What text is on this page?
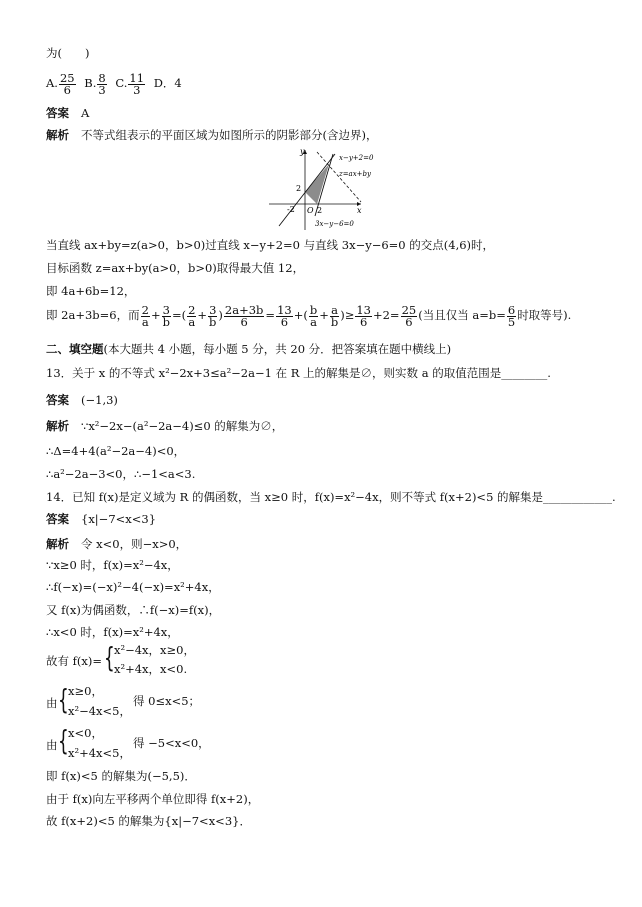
为(　　)
A. $\frac{25}{6} B$. $\frac{8}{3} C$. $\frac{11}{3}$ D．4
答案 A
解析 不等式组表示的平面区域为如图所示的阴影部分(含边界)，
y
x
O
2
-2	2
x−y+2=0
z=ax+by
3x−y−6=0
当直线 ax+by=z(a>0，b>0)过直线 x−y+2=0 与直线 3x−y−6=0 的交点(4,6)时，
目标函数 z=ax+by(a>0，b>0)取得最大值 12，
即 4a+6b=12，
即 2a+3b=6，而 $\frac{2}{a} + \frac{3}{b}$ =( $\frac{2}{a} + \frac{3}{b}$ ) $\frac{2a+3b}{6} = \frac{13}{6}$ +( $\frac{b}{a} + \frac{a}{b}$ )≥ $\frac{13}{6} +2= \frac{25}{6}$ (当且仅当 $a=b= \frac{6}{5}$ 时取等号).
二、填空题(本大题共 4 小题，每小题 5 分，共 20 分．把答案填在题中横线上)
13．关于 x 的不等式 x²−2x+3≤a²−2a−1 在 R 上的解集是∅，则实数 a 的取值范围是________.
答案 (−1,3)
解析 ∵x²−2x−(a²−2a−4)≤0 的解集为∅，
∴Δ=4+4(a²−2a−4)<0，
∴a²−2a−3<0，∴−1<a<3.
14．已知 f(x)是定义域为 R 的偶函数，当 x≥0 时，f(x)=x²−4x，则不等式 f(x+2)<5 的解集是____________.
答案 {x|−7<x<3}
解析 令 x<0，则−x>0，
∵x≥0 时，f(x)=x²−4x，
∴f(−x)=(−x)²−4(−x)=x²+4x，
又 f(x)为偶函数，∴f(−x)=f(x)，
∴x<0 时，f(x)=x²+4x，
故有 f(x)= { x²−4x，x≥0，
x²+4x，x<0.
由 { x≥0，
x²−4x<5，
得 0≤x<5；
由 { x<0，
x²+4x<5，
得 −5<x<0，
即 f(x)<5 的解集为(−5,5)．
由于 f(x)向左平移两个单位即得 f(x+2)，
故 f(x+2)<5 的解集为{x|−7<x<3}．
